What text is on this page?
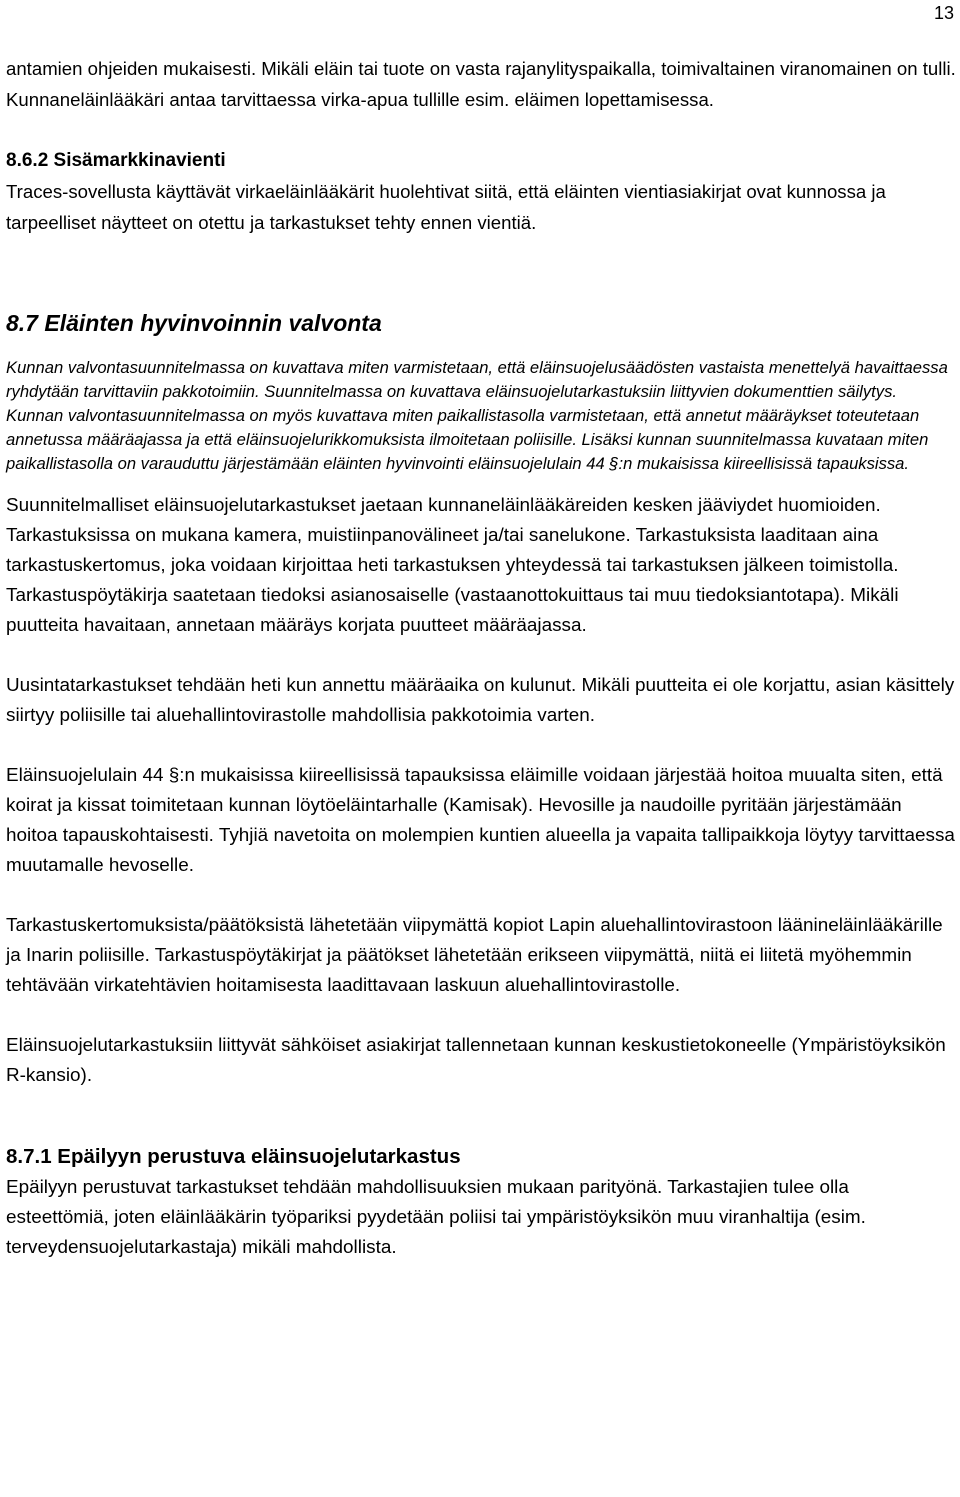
13

antamien ohjeiden mukaisesti. Mikäli eläin tai tuote on vasta rajanylityspaikalla, toimivaltainen viranomainen on tulli. Kunnaneläinlääkäri antaa tarvittaessa virka-apua tullille esim. eläimen lopettamisessa.

8.6.2 Sisämarkkinavienti

Traces-sovellusta käyttävät virkaeläinlääkärit huolehtivat siitä, että eläinten vientiasiakirjat ovat kunnossa ja tarpeelliset näytteet on otettu ja tarkastukset tehty ennen vientiä.

8.7 Eläinten hyvinvoinnin valvonta

Kunnan valvontasuunnitelmassa on kuvattava miten varmistetaan, että eläinsuojelusäädösten vastaista menettelyä havaittaessa ryhdytään tarvittaviin pakkotoimiin. Suunnitelmassa on kuvattava eläinsuojelutarkastuksiin liittyvien dokumenttien säilytys. Kunnan valvontasuunnitelmassa on myös kuvattava miten paikallistasolla varmistetaan, että annetut määräykset toteutetaan annetussa määräajassa ja että eläinsuojelurikkomuksista ilmoitetaan poliisille. Lisäksi kunnan suunnitelmassa kuvataan miten paikallistasolla on varauduttu järjestämään eläinten hyvinvointi eläinsuojelulain 44 §:n mukaisissa kiireellisissä tapauksissa.

Suunnitelmalliset eläinsuojelutarkastukset jaetaan kunnaneläinlääkäreiden kesken jääviydet huomioiden. Tarkastuksissa on mukana kamera, muistiinpanovälineet ja/tai sanelukone. Tarkastuksista laaditaan aina tarkastuskertomus, joka voidaan kirjoittaa heti tarkastuksen yhteydessä tai tarkastuksen jälkeen toimistolla. Tarkastuspöytäkirja saatetaan tiedoksi asianosaiselle (vastaanottokuittaus tai muu tiedoksiantotapa). Mikäli puutteita havaitaan, annetaan määräys korjata puutteet määräajassa.

Uusintatarkastukset tehdään heti kun annettu määräaika on kulunut. Mikäli puutteita ei ole korjattu, asian käsittely siirtyy poliisille tai aluehallintovirastolle mahdollisia pakkotoimia varten.

Eläinsuojelulain 44 §:n mukaisissa kiireellisissä tapauksissa eläimille voidaan järjestää hoitoa muualta siten, että koirat ja kissat toimitetaan kunnan löytöeläintarhalle (Kamisak). Hevosille ja naudoille pyritään järjestämään hoitoa tapauskohtaisesti. Tyhjiä navetoita on molempien kuntien alueella ja vapaita tallipaikkoja löytyy tarvittaessa muutamalle hevoselle.

Tarkastuskertomuksista/päätöksistä lähetetään viipymättä kopiot Lapin aluehallintovirastoon lääninеläinlääkärille ja Inarin poliisille. Tarkastuspöytäkirjat ja päätökset lähetetään erikseen viipymättä, niitä ei liitetä myöhemmin tehtävään virkatehtävien hoitamisesta laadittavaan laskuun aluehallintovirastolle.

Eläinsuojelutarkastuksiin liittyvät sähköiset asiakirjat tallennetaan kunnan keskustietokoneelle (Ympäristöyksikön R-kansio).

8.7.1 Epäilyyn perustuva eläinsuojelutarkastus

Epäilyyn perustuvat tarkastukset tehdään mahdollisuuksien mukaan parityönä. Tarkastajien tulee olla esteettömiä, joten eläinlääkärin työpariksi pyydetään poliisi tai ympäristöyksikön muu viranhaltija (esim. terveydensuojelutarkastaja) mikäli mahdollista.
